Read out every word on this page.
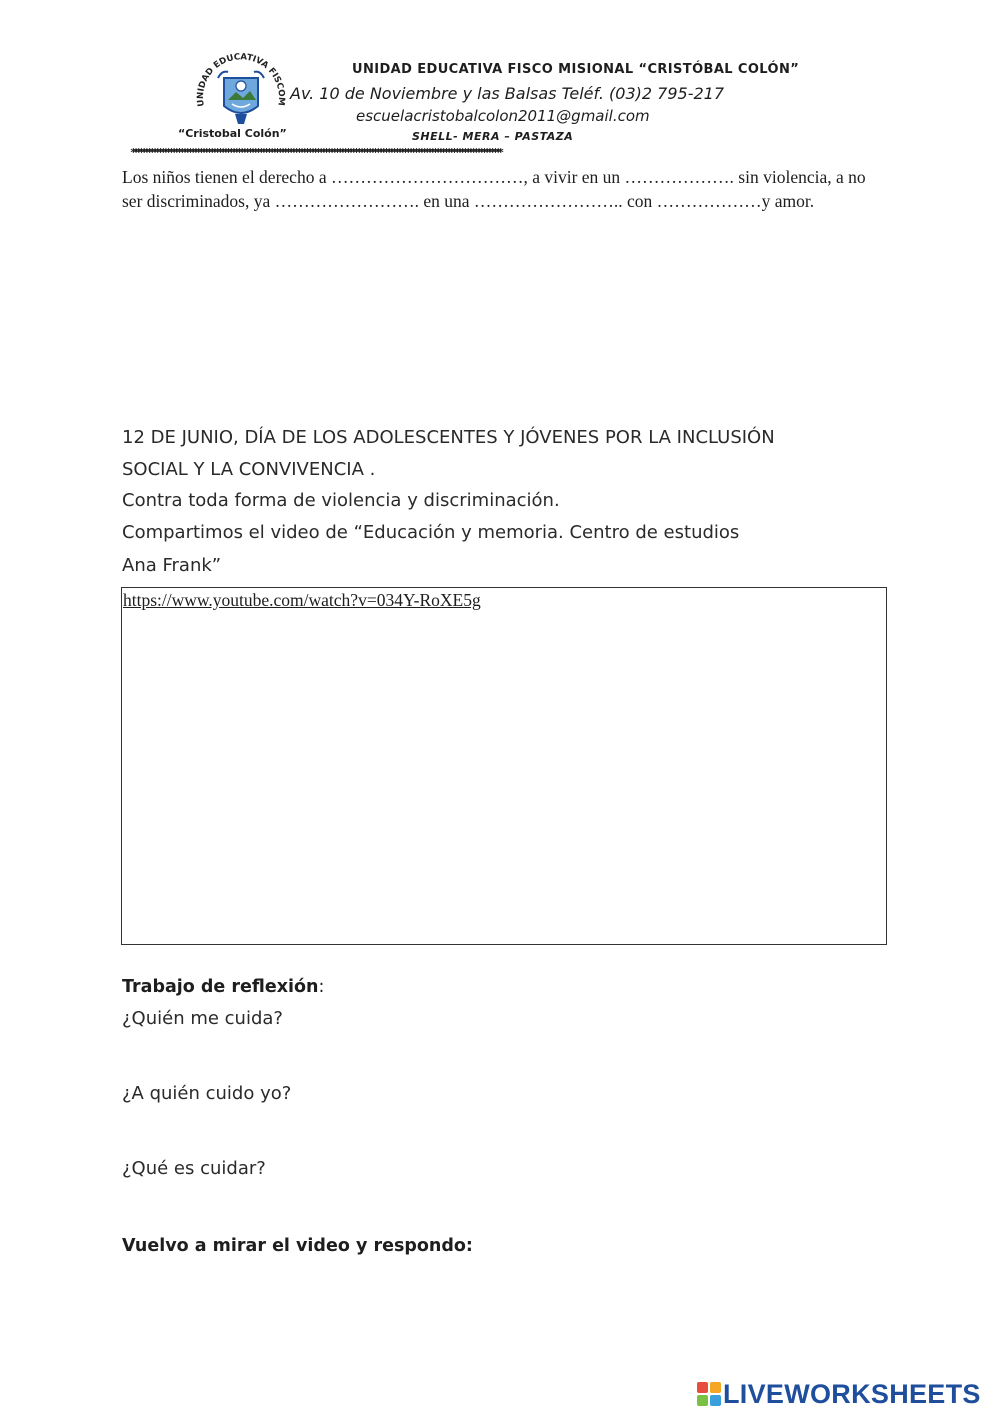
UNIDAD EDUCATIVA FISCOM
“Cristobal Colón”
UNIDAD EDUCATIVA FISCO MISIONAL “CRISTÓBAL COLÓN”
Av. 10 de Noviembre y las Balsas Teléf. (03)2 795-217
escuelacristobalcolon2011@gmail.com
SHELL- MERA – PASTAZA
****************************************************************************************************************************************
Los niños tienen el derecho a ……………………………, a vivir en un ………………. sin violencia, a no ser discriminados, ya ……………………. en una …………………….. con ………………y amor.
12 DE JUNIO, DÍA DE LOS ADOLESCENTES Y JÓVENES POR LA INCLUSIÓN
SOCIAL Y LA CONVIVENCIA .
Contra toda forma de violencia y discriminación.
Compartimos el video de “Educación y memoria. Centro de estudios
Ana Frank”
https://www.youtube.com/watch?v=034Y-RoXE5g
Trabajo de reflexión:
¿Quién me cuida?
¿A quién cuido yo?
¿Qué es cuidar?
Vuelvo a mirar el video y respondo:
LIVEWORKSHEETS
